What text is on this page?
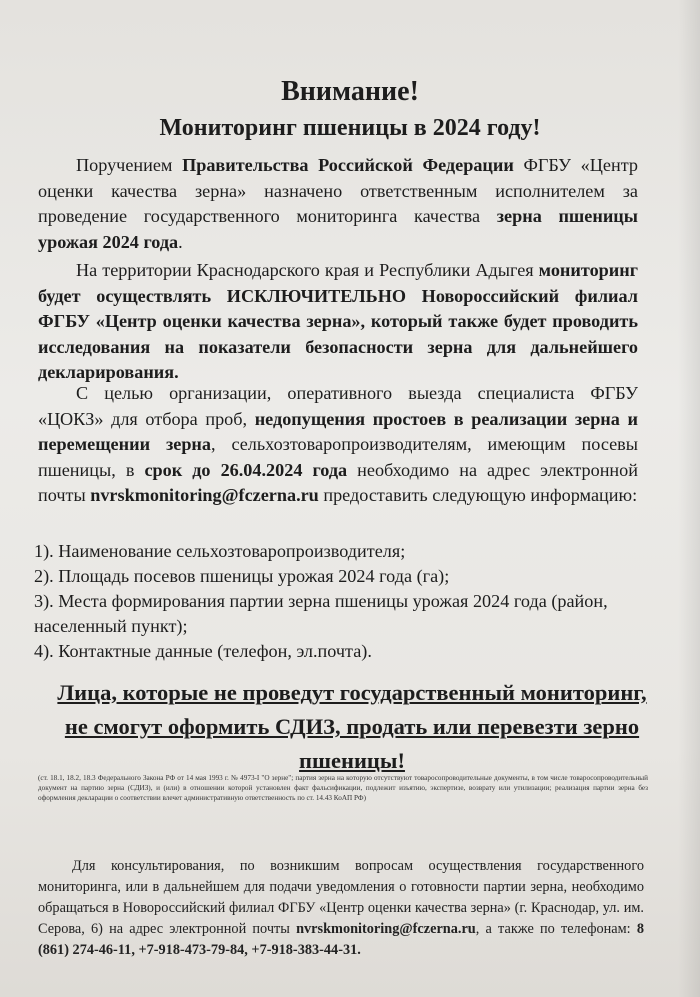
Внимание!
Мониторинг пшеницы в 2024 году!

Поручением Правительства Российской Федерации ФГБУ «Центр оценки качества зерна» назначено ответственным исполнителем за проведение государственного мониторинга качества зерна пшеницы урожая 2024 года.

На территории Краснодарского края и Республики Адыгея мониторинг будет осуществлять ИСКЛЮЧИТЕЛЬНО Новороссийский филиал ФГБУ «Центр оценки качества зерна», который также будет проводить исследования на показатели безопасности зерна для дальнейшего декларирования.

С целью организации, оперативного выезда специалиста ФГБУ «ЦОКЗ» для отбора проб, недопущения простоев в реализации зерна и перемещении зерна, сельхозтоваропроизводителям, имеющим посевы пшеницы, в срок до 26.04.2024 года необходимо на адрес электронной почты nvrskmonitoring@fczerna.ru предоставить следующую информацию:

1). Наименование сельхозтоваропроизводителя;
2). Площадь посевов пшеницы урожая 2024 года (га);
3). Места формирования партии зерна пшеницы урожая 2024 года (район, населенный пункт);
4). Контактные данные (телефон, эл.почта).

Лица, которые не проведут государственный мониторинг, не смогут оформить СДИЗ, продать или перевезти зерно пшеницы!

(ст. 18.1, 18.2, 18.3 Федерального Закона РФ от 14 мая 1993 г. № 4973-I "О зерне"; партия зерна на которую отсутствуют товаросопроводительные документы, в том числе товаросопроводительный документ на партию зерна (СДИЗ), и (или) в отношении которой установлен факт фальсификации, подлежит изъятию, экспертизе, возврату или утилизации; реализация партии зерна без оформления декларации о соответствии влечет административную ответственность по ст. 14.43 КоАП РФ)

Для консультирования, по возникшим вопросам осуществления государственного мониторинга, или в дальнейшем для подачи уведомления о готовности партии зерна, необходимо обращаться в Новороссийский филиал ФГБУ «Центр оценки качества зерна» (г. Краснодар, ул. им. Серова, 6) на адрес электронной почты nvrskmonitoring@fczerna.ru, а также по телефонам: 8 (861) 274-46-11, +7-918-473-79-84, +7-918-383-44-31.
